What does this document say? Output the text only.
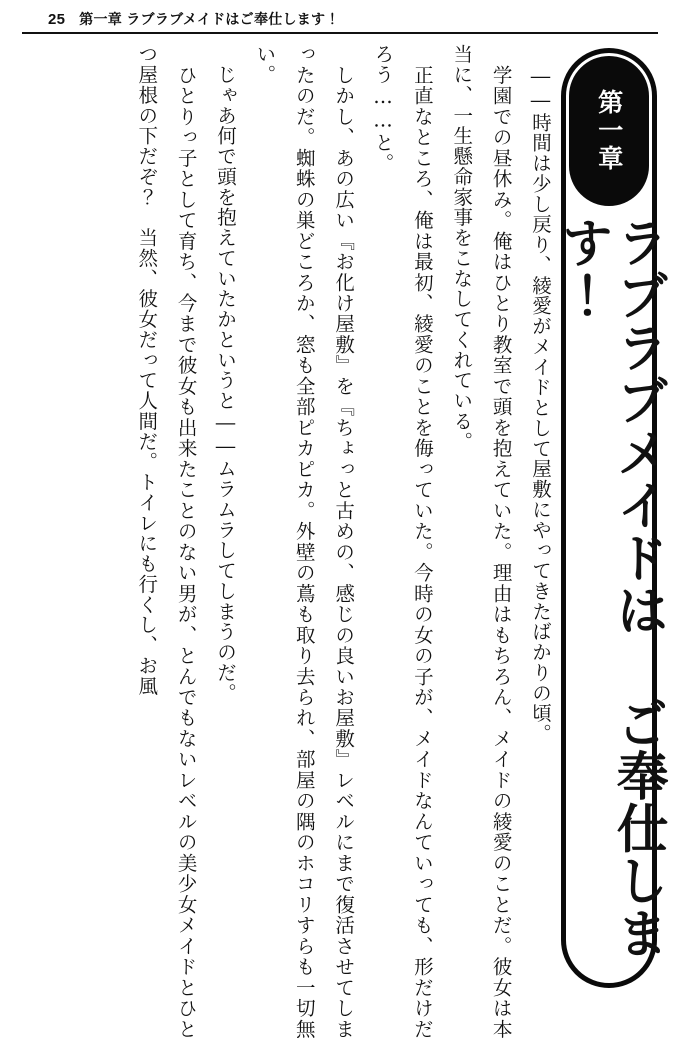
25 第一章 ラブラブメイドはご奉仕します！
第一章
ラブラブメイドは ご奉仕します！

　――時間は少し戻り、綾愛がメイドとして屋敷にやってきたばかりの頃。

　学園での昼休み。俺はひとり教室で頭を抱えていた。理由はもちろん、メイドの綾愛のことだ。彼女は本当に、一生懸命家事をこなしてくれている。

　正直なところ、俺は最初、綾愛のことを侮っていた。今時の女の子が、メイドなんていっても、形だけだろう……と。

　しかし、あの広い『お化け屋敷』を『ちょっと古めの、感じの良いお屋敷』レベルにまで復活させてしまったのだ。蜘蛛の巣どころか、窓も全部ピカピカ。外壁の蔦も取り去られ、部屋の隅のホコリすらも一切無い。

　じゃあ何で頭を抱えていたかというと――ムラムラしてしまうのだ。

　ひとりっ子として育ち、今まで彼女も出来たことのない男が、とんでもないレベルの美少女メイドとひとつ屋根の下だぞ？　当然、彼女だって人間だ。トイレにも行くし、お風
